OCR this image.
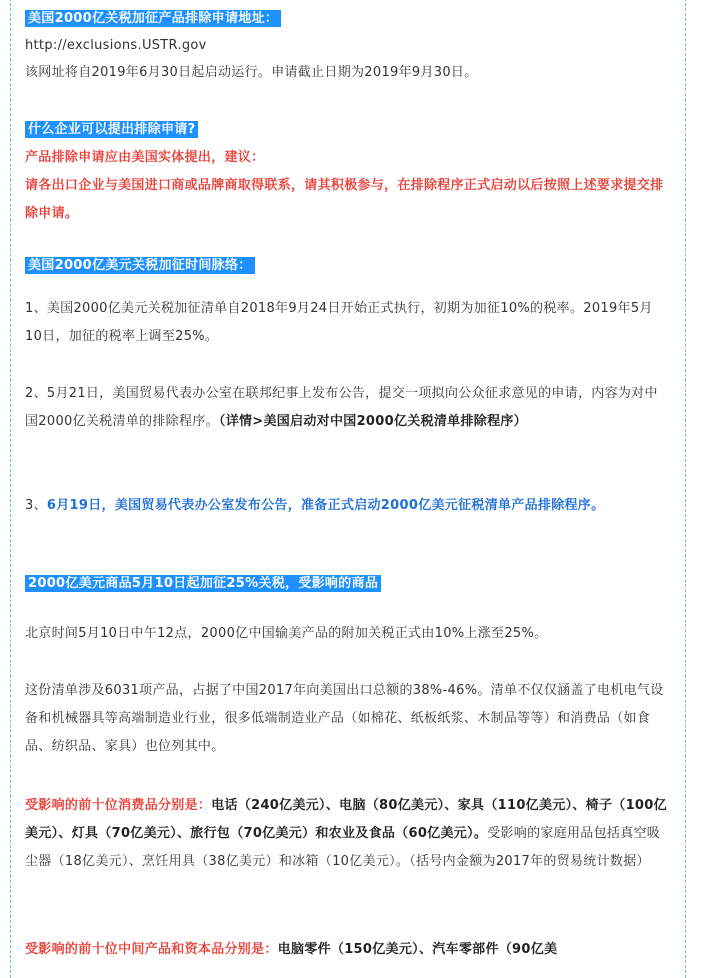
美国2000亿关税加征产品排除申请地址：
http://exclusions.USTR.gov
该网址将自2019年6月30日起启动运行。申请截止日期为2019年9月30日。
什么企业可以提出排除申请?
产品排除申请应由美国实体提出，建议：
请各出口企业与美国进口商或品牌商取得联系，请其积极参与，在排除程序正式启动以后按照上述要求提交排除申请。
美国2000亿美元关税加征时间脉络：
1、美国2000亿美元关税加征清单自2018年9月24日开始正式执行，初期为加征10%的税率。2019年5月10日，加征的税率上调至25%。
2、5月21日，美国贸易代表办公室在联邦纪事上发布公告，提交一项拟向公众征求意见的申请，内容为对中国2000亿关税清单的排除程序。（详情>美国启动对中国2000亿关税清单排除程序）
3、6月19日，美国贸易代表办公室发布公告，准备正式启动2000亿美元征税清单产品排除程序。
2000亿美元商品5月10日起加征25%关税，受影响的商品
北京时间5月10日中午12点，2000亿中国输美产品的附加关税正式由10%上涨至25%。
这份清单涉及6031项产品，占据了中国2017年向美国出口总额的38%-46%。清单不仅仅涵盖了电机电气设备和机械器具等高端制造业行业，很多低端制造业产品（如棉花、纸板纸浆、木制品等等）和消费品（如食品、纺织品、家具）也位列其中。
受影响的前十位消费品分别是：电话（240亿美元）、电脑（80亿美元）、家具（110亿美元）、椅子（100亿美元）、灯具（70亿美元）、旅行包（70亿美元）和农业及食品（60亿美元）。受影响的家庭用品包括真空吸尘器（18亿美元）、烹饪用具（38亿美元）和冰箱（10亿美元）。（括号内金额为2017年的贸易统计数据）
受影响的前十位中间产品和资本品分别是：电脑零件（150亿美元）、汽车零部件（90亿美
